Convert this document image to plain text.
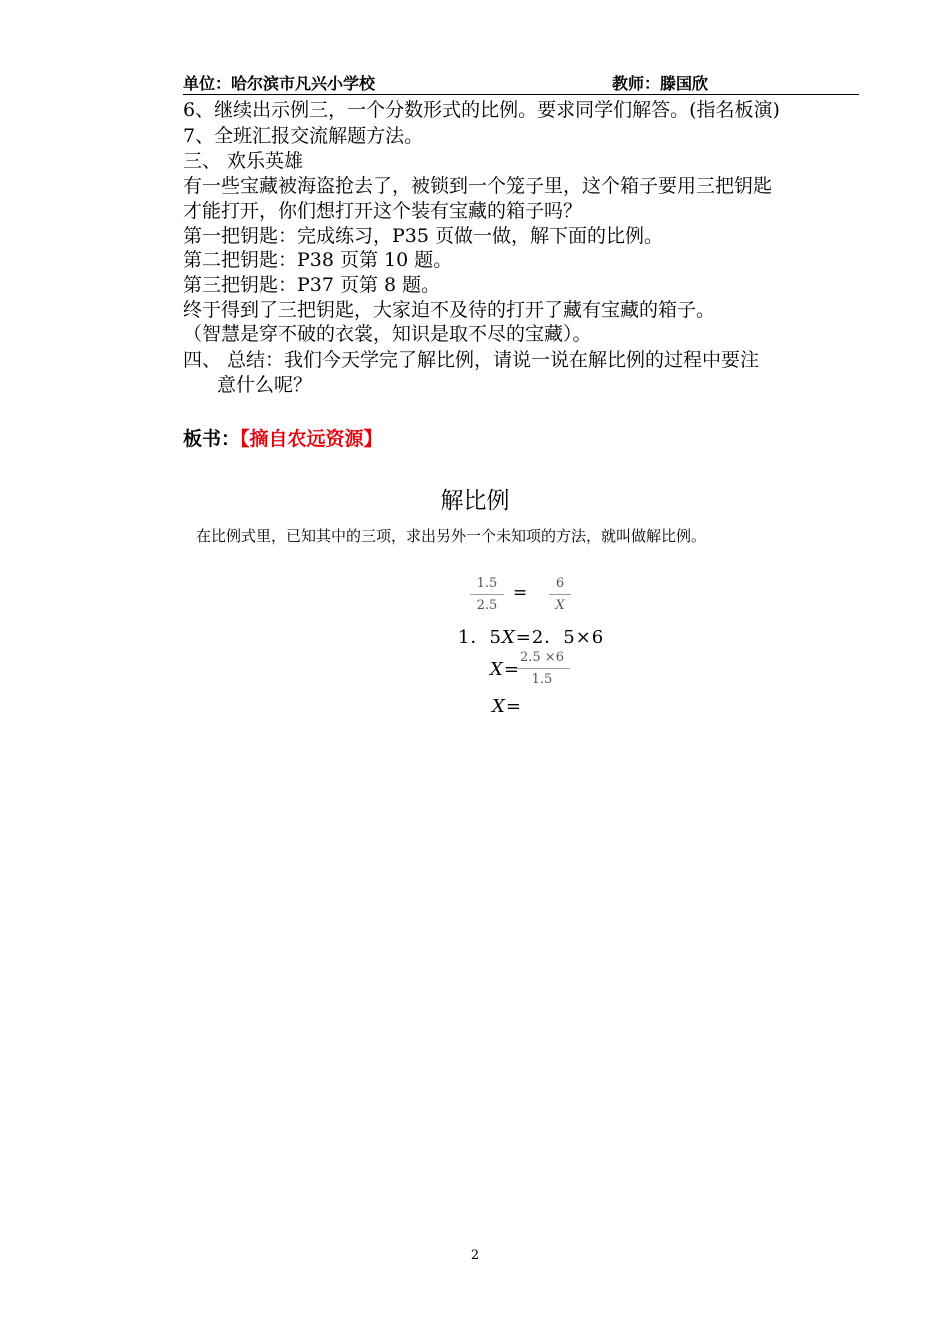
单位：哈尔滨市凡兴小学校	教师：滕国欣
6、继续出示例三，一个分数形式的比例。要求同学们解答。(指名板演)
7、全班汇报交流解题方法。
三、 欢乐英雄
有一些宝藏被海盗抢去了，被锁到一个笼子里，这个箱子要用三把钥匙
才能打开，你们想打开这个装有宝藏的箱子吗？
第一把钥匙：完成练习，P35 页做一做，解下面的比例。
第二把钥匙：P38 页第 10 题。
第三把钥匙：P37 页第 8 题。
终于得到了三把钥匙，大家迫不及待的打开了藏有宝藏的箱子。
（智慧是穿不破的衣裳，知识是取不尽的宝藏）。
四、 总结：我们今天学完了解比例，请说一说在解比例的过程中要注
意什么呢？
板书：【摘自农远资源】
解比例
在比例式里，已知其中的三项，求出另外一个未知项的方法，就叫做解比例。
1.5
2.5
=	6
X
1．5X=2．5×6
X=
2.5 ×6
1.5
X=
2
